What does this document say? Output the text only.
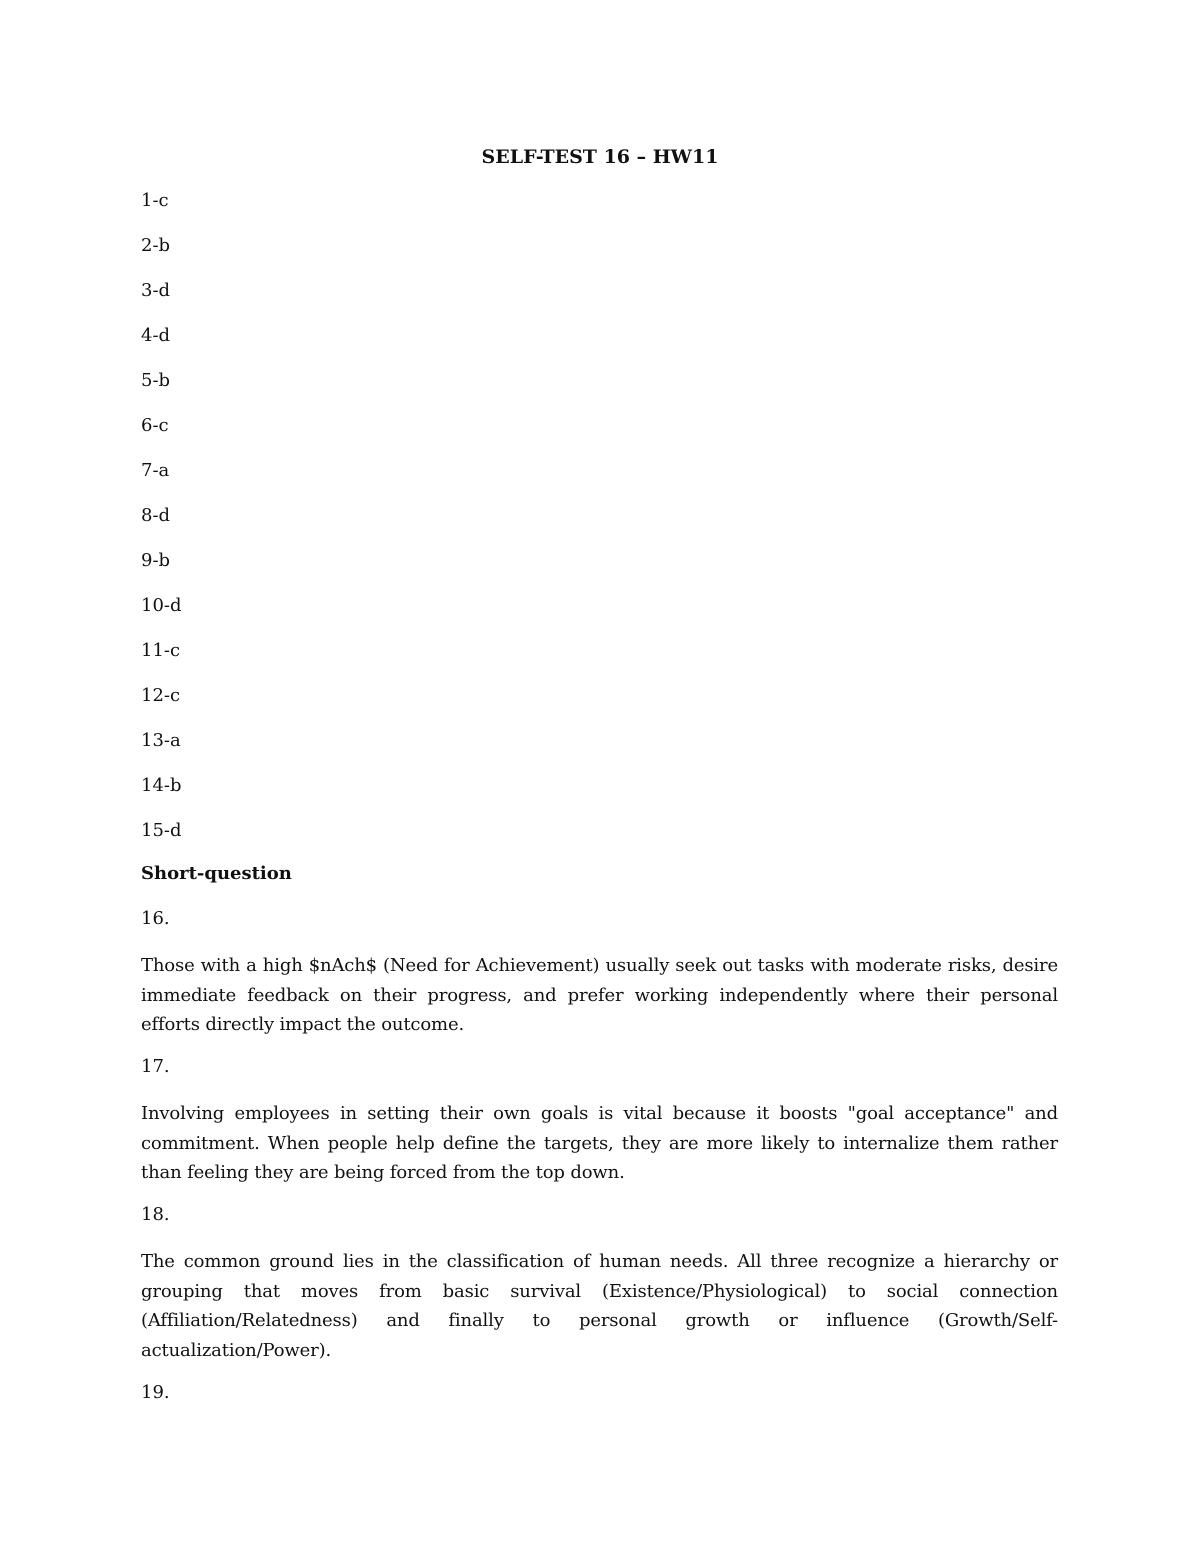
SELF-TEST 16 – HW11
1-c
2-b
3-d
4-d
5-b
6-c
7-a
8-d
9-b
10-d
11-c
12-c
13-a
14-b
15-d
Short-question

16.

Those with a high $nAch$ (Need for Achievement) usually seek out tasks with moderate risks, desire immediate feedback on their progress, and prefer working independently where their personal efforts directly impact the outcome.

17.

Involving employees in setting their own goals is vital because it boosts "goal acceptance" and commitment. When people help define the targets, they are more likely to internalize them rather than feeling they are being forced from the top down.

18.

The common ground lies in the classification of human needs. All three recognize a hierarchy or grouping that moves from basic survival (Existence/Physiological) to social connection (Affiliation/Relatedness) and finally to personal growth or influence (Growth/Self-actualization/Power).

19.
